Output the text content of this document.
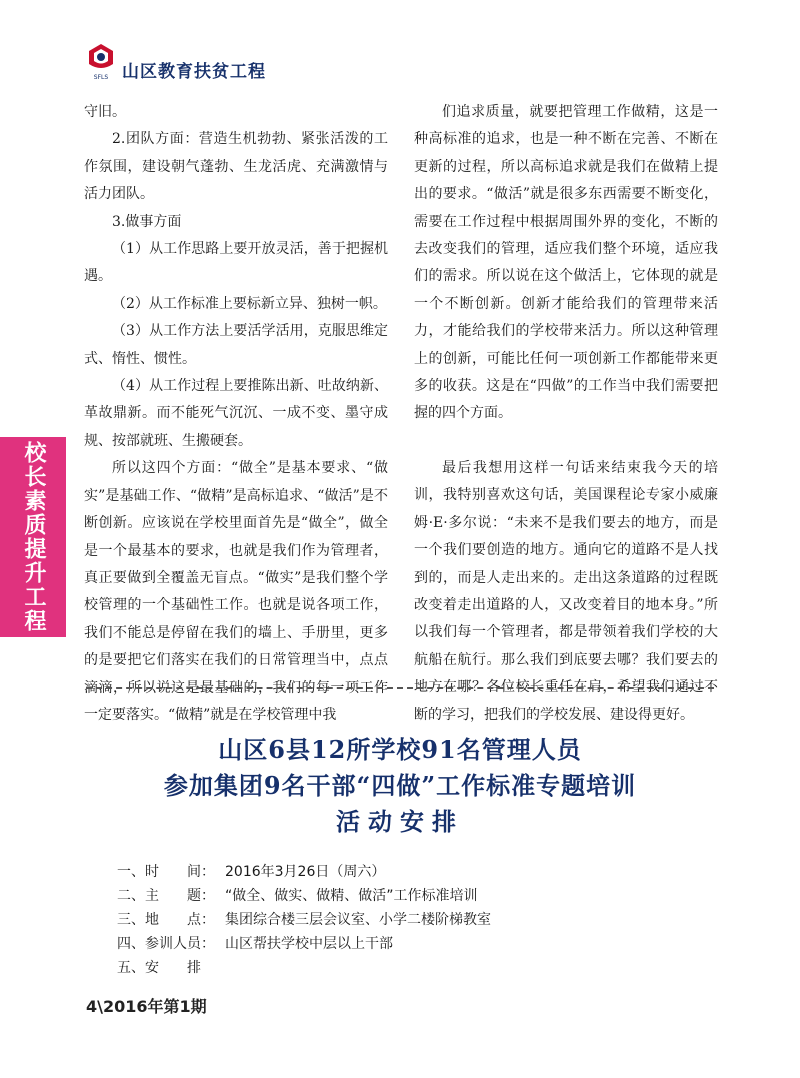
SFLS 山区教育扶贫工程
校长素质提升工程

守旧。

2.团队方面：营造生机勃勃、紧张活泼的工作氛围，建设朝气蓬勃、生龙活虎、充满激情与活力团队。

3.做事方面

（1）从工作思路上要开放灵活，善于把握机遇。

（2）从工作标准上要标新立异、独树一帜。

（3）从工作方法上要活学活用，克服思维定式、惰性、惯性。

（4）从工作过程上要推陈出新、吐故纳新、革故鼎新。而不能死气沉沉、一成不变、墨守成规、按部就班、生搬硬套。

所以这四个方面：“做全”是基本要求、“做实”是基础工作、“做精”是高标追求、“做活”是不断创新。应该说在学校里面首先是“做全”，做全是一个最基本的要求，也就是我们作为管理者，真正要做到全覆盖无盲点。“做实”是我们整个学校管理的一个基础性工作。也就是说各项工作，我们不能总是停留在我们的墙上、手册里，更多的是要把它们落实在我们的日常管理当中，点点滴滴，所以说这是最基础的，我们的每一项工作一定要落实。“做精”就是在学校管理中我

们追求质量，就要把管理工作做精，这是一种高标准的追求，也是一种不断在完善、不断在更新的过程，所以高标追求就是我们在做精上提出的要求。“做活”就是很多东西需要不断变化，需要在工作过程中根据周围外界的变化，不断的去改变我们的管理，适应我们整个环境，适应我们的需求。所以说在这个做活上，它体现的就是一个不断创新。创新才能给我们的管理带来活力，才能给我们的学校带来活力。所以这种管理上的创新，可能比任何一项创新工作都能带来更多的收获。这是在“四做”的工作当中我们需要把握的四个方面。

最后我想用这样一句话来结束我今天的培训，我特别喜欢这句话，美国课程论专家小威廉姆·E·多尔说：“未来不是我们要去的地方，而是一个我们要创造的地方。通向它的道路不是人找到的，而是人走出来的。走出这条道路的过程既改变着走出道路的人，又改变着目的地本身。”所以我们每一个管理者，都是带领着我们学校的大航船在航行。那么我们到底要去哪？我们要去的地方在哪？各位校长重任在肩，希望我们通过不断的学习，把我们的学校发展、建设得更好。

山区6县12所学校91名管理人员
参加集团9名干部“四做”工作标准专题培训
活动安排
一、时　　间： 2016年3月26日（周六）
二、主　　题： “做全、做实、做精、做活”工作标准培训
三、地　　点： 集团综合楼三层会议室、小学二楼阶梯教室
四、参训人员： 山区帮扶学校中层以上干部
五、安　　排
4\2016年第1期
